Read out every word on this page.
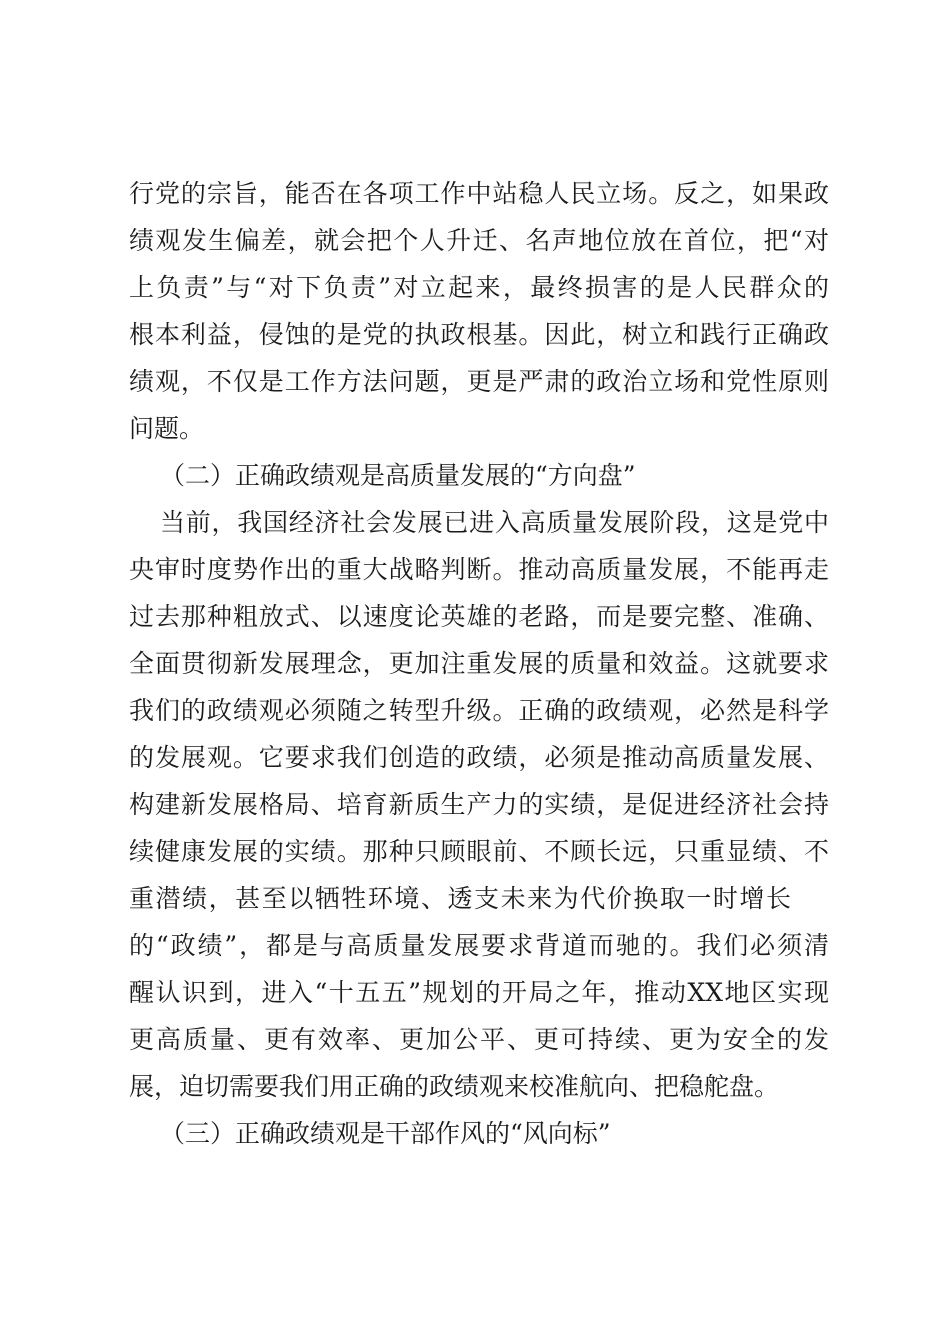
行党的宗旨，能否在各项工作中站稳人民立场。反之，如果政
绩观发生偏差，就会把个人升迁、名声地位放在首位，把“对
上负责”与“对下负责”对立起来，最终损害的是人民群众的
根本利益，侵蚀的是党的执政根基。因此，树立和践行正确政
绩观，不仅是工作方法问题，更是严肃的政治立场和党性原则
问题。
（二）正确政绩观是高质量发展的“方向盘”
当前，我国经济社会发展已进入高质量发展阶段，这是党中
央审时度势作出的重大战略判断。推动高质量发展，不能再走
过去那种粗放式、以速度论英雄的老路，而是要完整、准确、
全面贯彻新发展理念，更加注重发展的质量和效益。这就要求
我们的政绩观必须随之转型升级。正确的政绩观，必然是科学
的发展观。它要求我们创造的政绩，必须是推动高质量发展、
构建新发展格局、培育新质生产力的实绩，是促进经济社会持
续健康发展的实绩。那种只顾眼前、不顾长远，只重显绩、不
重潜绩，甚至以牺牲环境、透支未来为代价换取一时增长
的“政绩”，都是与高质量发展要求背道而驰的。我们必须清
醒认识到，进入“十五五”规划的开局之年，推动XX地区实现
更高质量、更有效率、更加公平、更可持续、更为安全的发
展，迫切需要我们用正确的政绩观来校准航向、把稳舵盘。
（三）正确政绩观是干部作风的“风向标”
